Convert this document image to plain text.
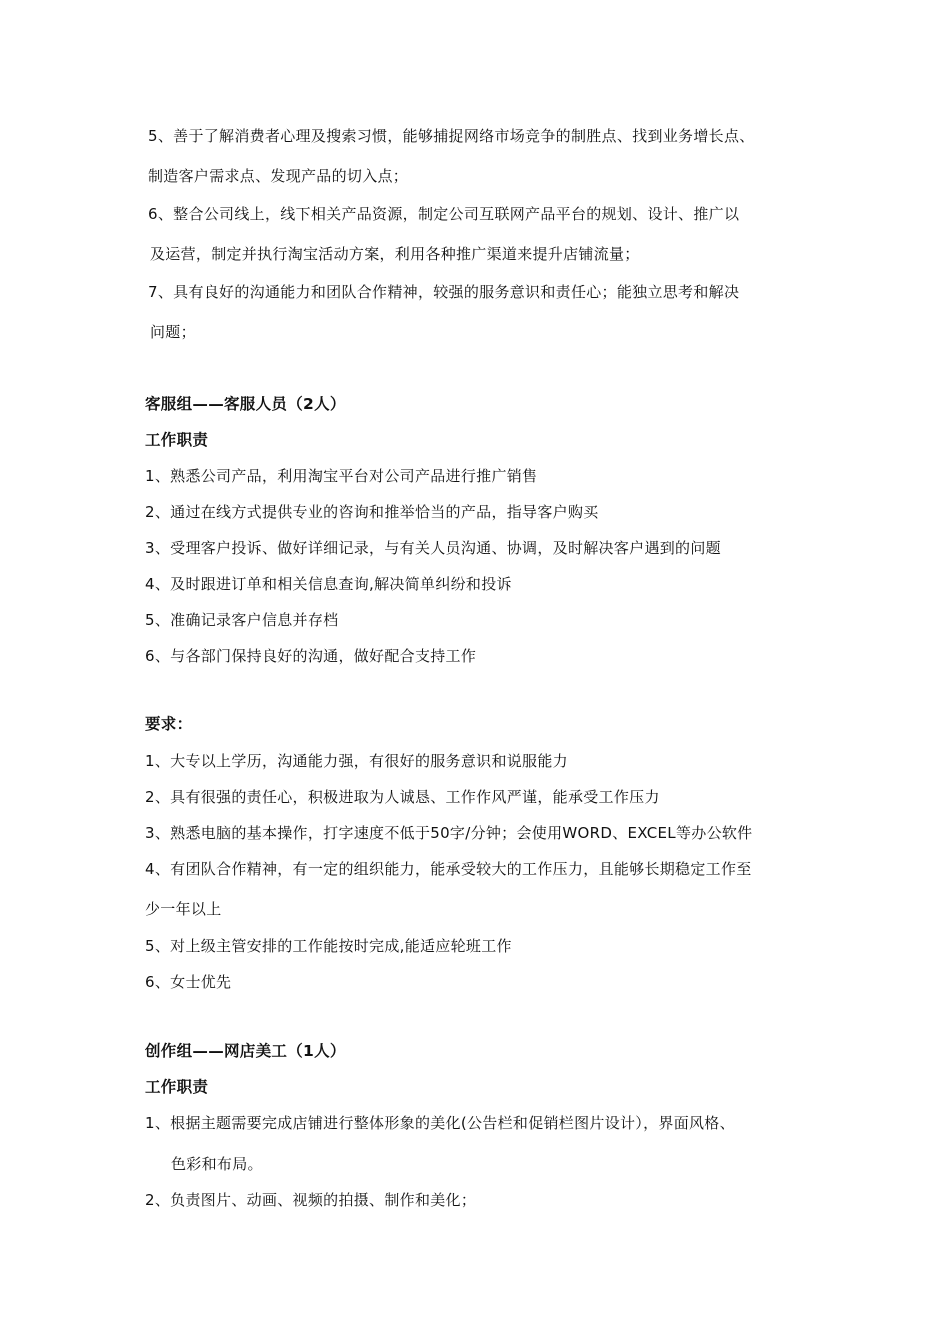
5、善于了解消费者心理及搜索习惯，能够捕捉网络市场竞争的制胜点、找到业务增长点、
制造客户需求点、发现产品的切入点；
6、整合公司线上，线下相关产品资源，制定公司互联网产品平台的规划、设计、推广以
及运营，制定并执行淘宝活动方案，利用各种推广渠道来提升店铺流量；
7、具有良好的沟通能力和团队合作精神，较强的服务意识和责任心；能独立思考和解决
问题；
客服组——客服人员（2人）
工作职责
1、熟悉公司产品，利用淘宝平台对公司产品进行推广销售
2、通过在线方式提供专业的咨询和推举恰当的产品，指导客户购买
3、受理客户投诉、做好详细记录，与有关人员沟通、协调，及时解决客户遇到的问题
4、及时跟进订单和相关信息查询,解决简单纠纷和投诉
5、准确记录客户信息并存档
6、与各部门保持良好的沟通，做好配合支持工作
要求：
1、大专以上学历，沟通能力强，有很好的服务意识和说服能力
2、具有很强的责任心，积极进取为人诚恳、工作作风严谨，能承受工作压力
3、熟悉电脑的基本操作，打字速度不低于50字/分钟；会使用WORD、EXCEL等办公软件
4、有团队合作精神，有一定的组织能力，能承受较大的工作压力，且能够长期稳定工作至
少一年以上
5、对上级主管安排的工作能按时完成,能适应轮班工作
6、女士优先
创作组——网店美工（1人）
工作职责
1、根据主题需要完成店铺进行整体形象的美化(公告栏和促销栏图片设计），界面风格、
色彩和布局。
2、负责图片、动画、视频的拍摄、制作和美化；
